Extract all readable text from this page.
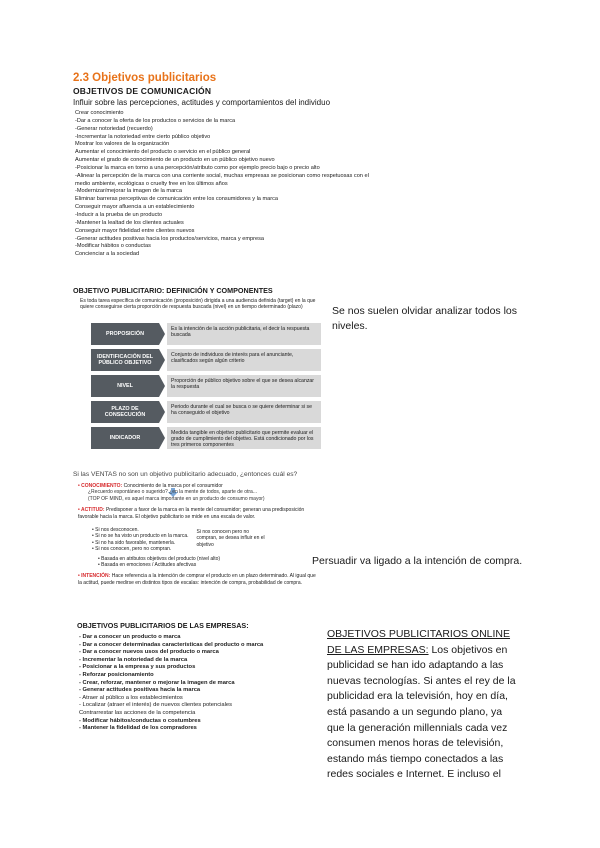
2.3 Objetivos publicitarios
OBJETIVOS DE COMUNICACIÓN
Influir sobre las percepciones, actitudes y comportamientos del individuo
Crear conocimiento
-Dar a conocer la oferta de los productos o servicios de la marca
-Generar notoriedad (recuerdo)
-Incrementar la notoriedad entre cierto público objetivo
Mostrar los valores de la organización
Aumentar el conocimiento del producto o servicio en el público general
Aumentar el grado de conocimiento de un producto en un público objetivo nuevo
-Posicionar la marca en torno a una percepción/atributo como por ejemplo precio bajo o precio alto
-Alinear la percepción de la marca con una corriente social, muchas empresas se posicionan como respetuosas con el medio ambiente, ecológicas o cruelty free en los últimos años
-Modernizar/mejorar la imagen de la marca
Eliminar barreras perceptivas de comunicación entre los consumidores y la marca
Conseguir mayor afluencia a un establecimiento
-Inducir a la prueba de un producto
-Mantener la lealtad de los clientes actuales
Conseguir mayor fidelidad entre clientes nuevos
-Generar actitudes positivas hacia los productos/servicios, marca y empresa
-Modificar hábitos o conductas
Concienciar a la sociedad
OBJETIVO PUBLICITARIO: DEFINICIÓN Y COMPONENTES
Es toda tarea específica de comunicación (proposición) dirigida a una audiencia definida (target) en la que quiere conseguirse cierta proporción de respuesta buscada (nivel) en un tiempo determinado (plazo)
PROPOSICIÓN
Es la intención de la acción publicitaria, el decir la respuesta buscada
IDENTIFICACIÓN DEL PÚBLICO OBJETIVO
Conjunto de individuos de interés para el anunciante, clasificados según algún criterio
NIVEL
Proporción de público objetivo sobre el que se desea alcanzar la respuesta
PLAZO DE CONSECUCIÓN
Periodo durante el cual se busca o se quiere determinar si se ha conseguido el objetivo
INDICADOR
Medida tangible en objetivo publicitario que permite evaluar el grado de cumplimiento del objetivo. Está condicionado por los tres primeros componentes
Se nos suelen olvidar analizar todos los niveles.
Si las VENTAS no son un objetivo publicitario adecuado, ¿entonces cuál es?

• CONOCIMIENTO: Conocimiento de la marca por el consumidor
¿Recuerdo espontáneo o sugerido? ¿en la mente de todos, aparte de otra...
(TOP OF MIND, es aquel marca importante en un producto de consumo mayor)

• ACTITUD: Predisponer a favor de la marca en la mente del consumidor; generan una predisposición favorable hacia la marca. El objetivo publicitario se mide en una escala de valor.

• Si nos desconocen.
• Si no se ha visto un producto en la marca.
• Si no ha sido favorable, mantenerla.
• Si nos conocen, pero no compran.
Si nos conocen pero no compran, se desea influir en el objetivo
• Basada en atributos objetivos del producto (nivel alto)
• Basada en emociones / Actitudes afectivas

• INTENCIÓN: Hace referencia a la intención de comprar el producto en un plazo determinado. Al igual que la actitud, puede medirse en distintos tipos de escalas: intención de compra, probabilidad de compra.

Persuadir va ligado a la intención de compra.
OBJETIVOS PUBLICITARIOS DE LAS EMPRESAS:
- Dar a conocer un producto o marca
- Dar a conocer determinadas características del producto o marca
- Dar a conocer nuevos usos del producto o marca
- Incrementar la notoriedad de la marca
- Posicionar a la empresa y sus productos
- Reforzar posicionamiento
- Crear, reforzar, mantener o mejorar la imagen de marca
- Generar actitudes positivas hacia la marca
- Atraer al público a los establecimientos
- Localizar (atraer el interés) de nuevos clientes potenciales
Contrarrestar las acciones de la competencia
- Modificar hábitos/conductas o costumbres
- Mantener la fidelidad de los compradores
OBJETIVOS PUBLICITARIOS ONLINE DE LAS EMPRESAS: Los objetivos en publicidad se han ido adaptando a las nuevas tecnologías. Si antes el rey de la publicidad era la televisión, hoy en día, está pasando a un segundo plano, ya que la generación millennials cada vez consumen menos horas de televisión, estando más tiempo conectados a las redes sociales e Internet. E incluso el
